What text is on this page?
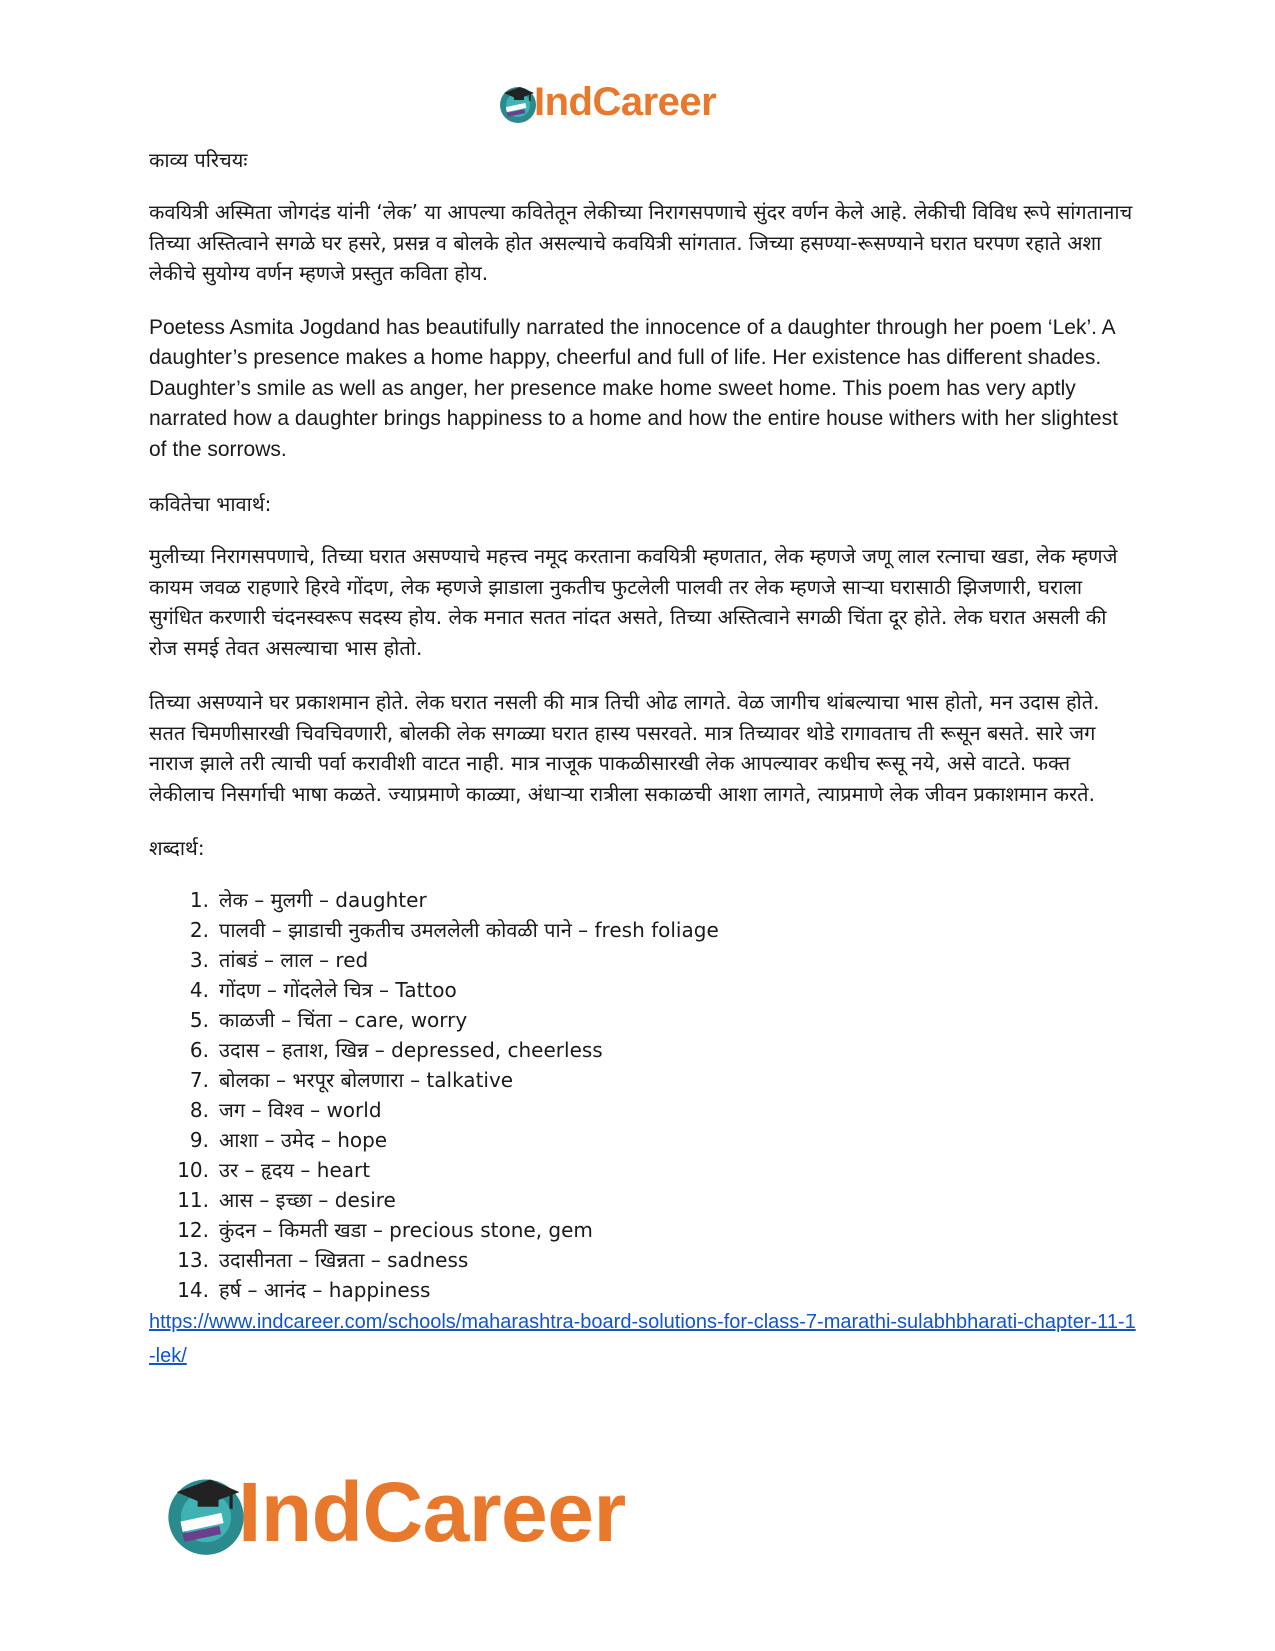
IndCareer

काव्य परिचयः

कवयित्री अस्मिता जोगदंड यांनी ‘लेक’ या आपल्या कवितेतून लेकीच्या निरागसपणाचे सुंदर वर्णन केले आहे. लेकीची विविध रूपे सांगतानाच तिच्या अस्तित्वाने सगळे घर हसरे, प्रसन्न व बोलके होत असल्याचे कवयित्री सांगतात. जिच्या हसण्या-रूसण्याने घरात घरपण रहाते अशा लेकीचे सुयोग्य वर्णन म्हणजे प्रस्तुत कविता होय.

Poetess Asmita Jogdand has beautifully narrated the innocence of a daughter through her poem ‘Lek’. A daughter’s presence makes a home happy, cheerful and full of life. Her existence has different shades. Daughter’s smile as well as anger, her presence make home sweet home. This poem has very aptly narrated how a daughter brings happiness to a home and how the entire house withers with her slightest of the sorrows.

कवितेचा भावार्थ:

मुलीच्या निरागसपणाचे, तिच्या घरात असण्याचे महत्त्व नमूद करताना कवयित्री म्हणतात, लेक म्हणजे जणू लाल रत्नाचा खडा, लेक म्हणजे कायम जवळ राहणारे हिरवे गोंदण, लेक म्हणजे झाडाला नुकतीच फुटलेली पालवी तर लेक म्हणजे साऱ्या घरासाठी झिजणारी, घराला सुगंधित करणारी चंदनस्वरूप सदस्य होय. लेक मनात सतत नांदत असते, तिच्या अस्तित्वाने सगळी चिंता दूर होते. लेक घरात असली की रोज समई तेवत असल्याचा भास होतो.

तिच्या असण्याने घर प्रकाशमान होते. लेक घरात नसली की मात्र तिची ओढ लागते. वेळ जागीच थांबल्याचा भास होतो, मन उदास होते. सतत चिमणीसारखी चिवचिवणारी, बोलकी लेक सगळ्या घरात हास्य पसरवते. मात्र तिच्यावर थोडे रागावताच ती रूसून बसते. सारे जग नाराज झाले तरी त्याची पर्वा करावीशी वाटत नाही. मात्र नाजूक पाकळीसारखी लेक आपल्यावर कधीच रूसू नये, असे वाटते. फक्त लेकीलाच निसर्गाची भाषा कळते. ज्याप्रमाणे काळ्या, अंधाऱ्या रात्रीला सकाळची आशा लागते, त्याप्रमाणे लेक जीवन प्रकाशमान करते.

शब्दार्थ:

1. लेक – मुलगी – daughter
2. पालवी – झाडाची नुकतीच उमललेली कोवळी पाने – fresh foliage
3. तांबडं – लाल – red
4. गोंदण – गोंदलेले चित्र – Tattoo
5. काळजी – चिंता – care, worry
6. उदास – हताश, खिन्न – depressed, cheerless
7. बोलका – भरपूर बोलणारा – talkative
8. जग – विश्व – world
9. आशा – उमेद – hope
10. उर – हृदय – heart
11. आस – इच्छा – desire
12. कुंदन – किमती खडा – precious stone, gem
13. उदासीनता – खिन्नता – sadness
14. हर्ष – आनंद – happiness
https://www.indcareer.com/schools/maharashtra-board-solutions-for-class-7-marathi-sulabhbharati-chapter-11-1-lek/
IndCareer
